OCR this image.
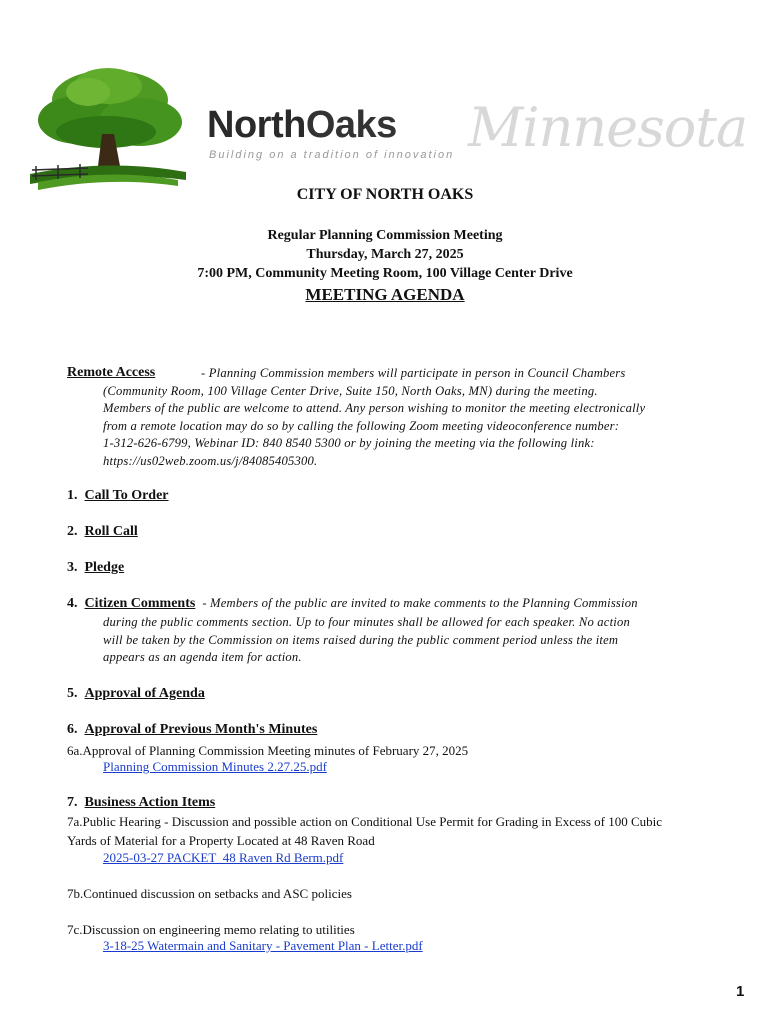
NorthOaks
Building on a tradition of innovation Minnesota
CITY OF NORTH OAKS
Regular Planning Commission Meeting
Thursday, March 27, 2025
7:00 PM, Community Meeting Room, 100 Village Center Drive
MEETING AGENDA
Remote Access	- Planning Commission members will participate in person in Council Chambers
(Community Room, 100 Village Center Drive, Suite 150, North Oaks, MN) during the meeting.
Members of the public are welcome to attend. Any person wishing to monitor the meeting electronically
from a remote location may do so by calling the following Zoom meeting videoconference number:
1-312-626-6799, Webinar ID: 840 8540 5300 or by joining the meeting via the following link:
https://us02web.zoom.us/j/84085405300.
1. Call To Order
2. Roll Call
3. Pledge
4. Citizen Comments - Members of the public are invited to make comments to the Planning Commission
during the public comments section. Up to four minutes shall be allowed for each speaker. No action
will be taken by the Commission on items raised during the public comment period unless the item
appears as an agenda item for action.
5. Approval of Agenda
6. Approval of Previous Month's Minutes
6a.Approval of Planning Commission Meeting minutes of February 27, 2025
Planning Commission Minutes 2.27.25.pdf
7. Business Action Items
7a.Public Hearing - Discussion and possible action on Conditional Use Permit for Grading in Excess of 100 Cubic
Yards of Material for a Property Located at 48 Raven Road
2025-03-27 PACKET_48 Raven Rd Berm.pdf
7b.Continued discussion on setbacks and ASC policies
7c.Discussion on engineering memo relating to utilities
3-18-25 Watermain and Sanitary - Pavement Plan - Letter.pdf
1
